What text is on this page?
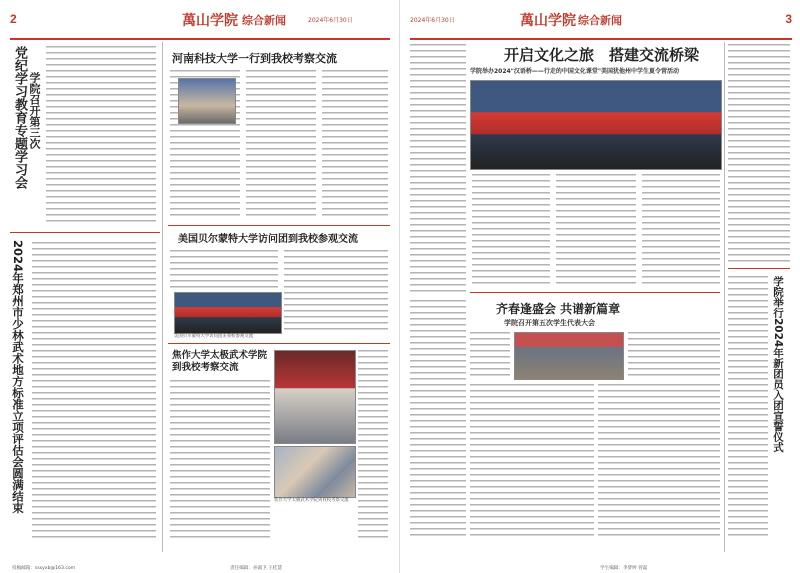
2	萬山学院 综合新闻	2024年6月30日	2024年6月30日	萬山学院 综合新闻	3
党纪学习教育专题学习会 学院召开第三次
2024年郑州市少林武术地方标准立项评估会圆满结束
河南科技大学一行到我校考察交流
美国贝尔蒙特大学访问团到我校参观交流
美国贝尔蒙特大学访问团来我校参观交流
焦作大学太极武术学院到我校考察交流
焦作大学太极武术学院到我校考察交流
投稿邮箱：sssyxb@163.com	责任编辑：孙淑卫 王桂慧
开启文化之旅　搭建交流桥梁
学院举办2024"汉语桥——行走的中国文化课堂"美国犹他州中学生夏令营活动
齐春逢盛会 共谱新篇章
学院召开第五次学生代表大会	学院举行2024年新团员入团宣誓仪式
学生编辑：李梦婷 曾磊
